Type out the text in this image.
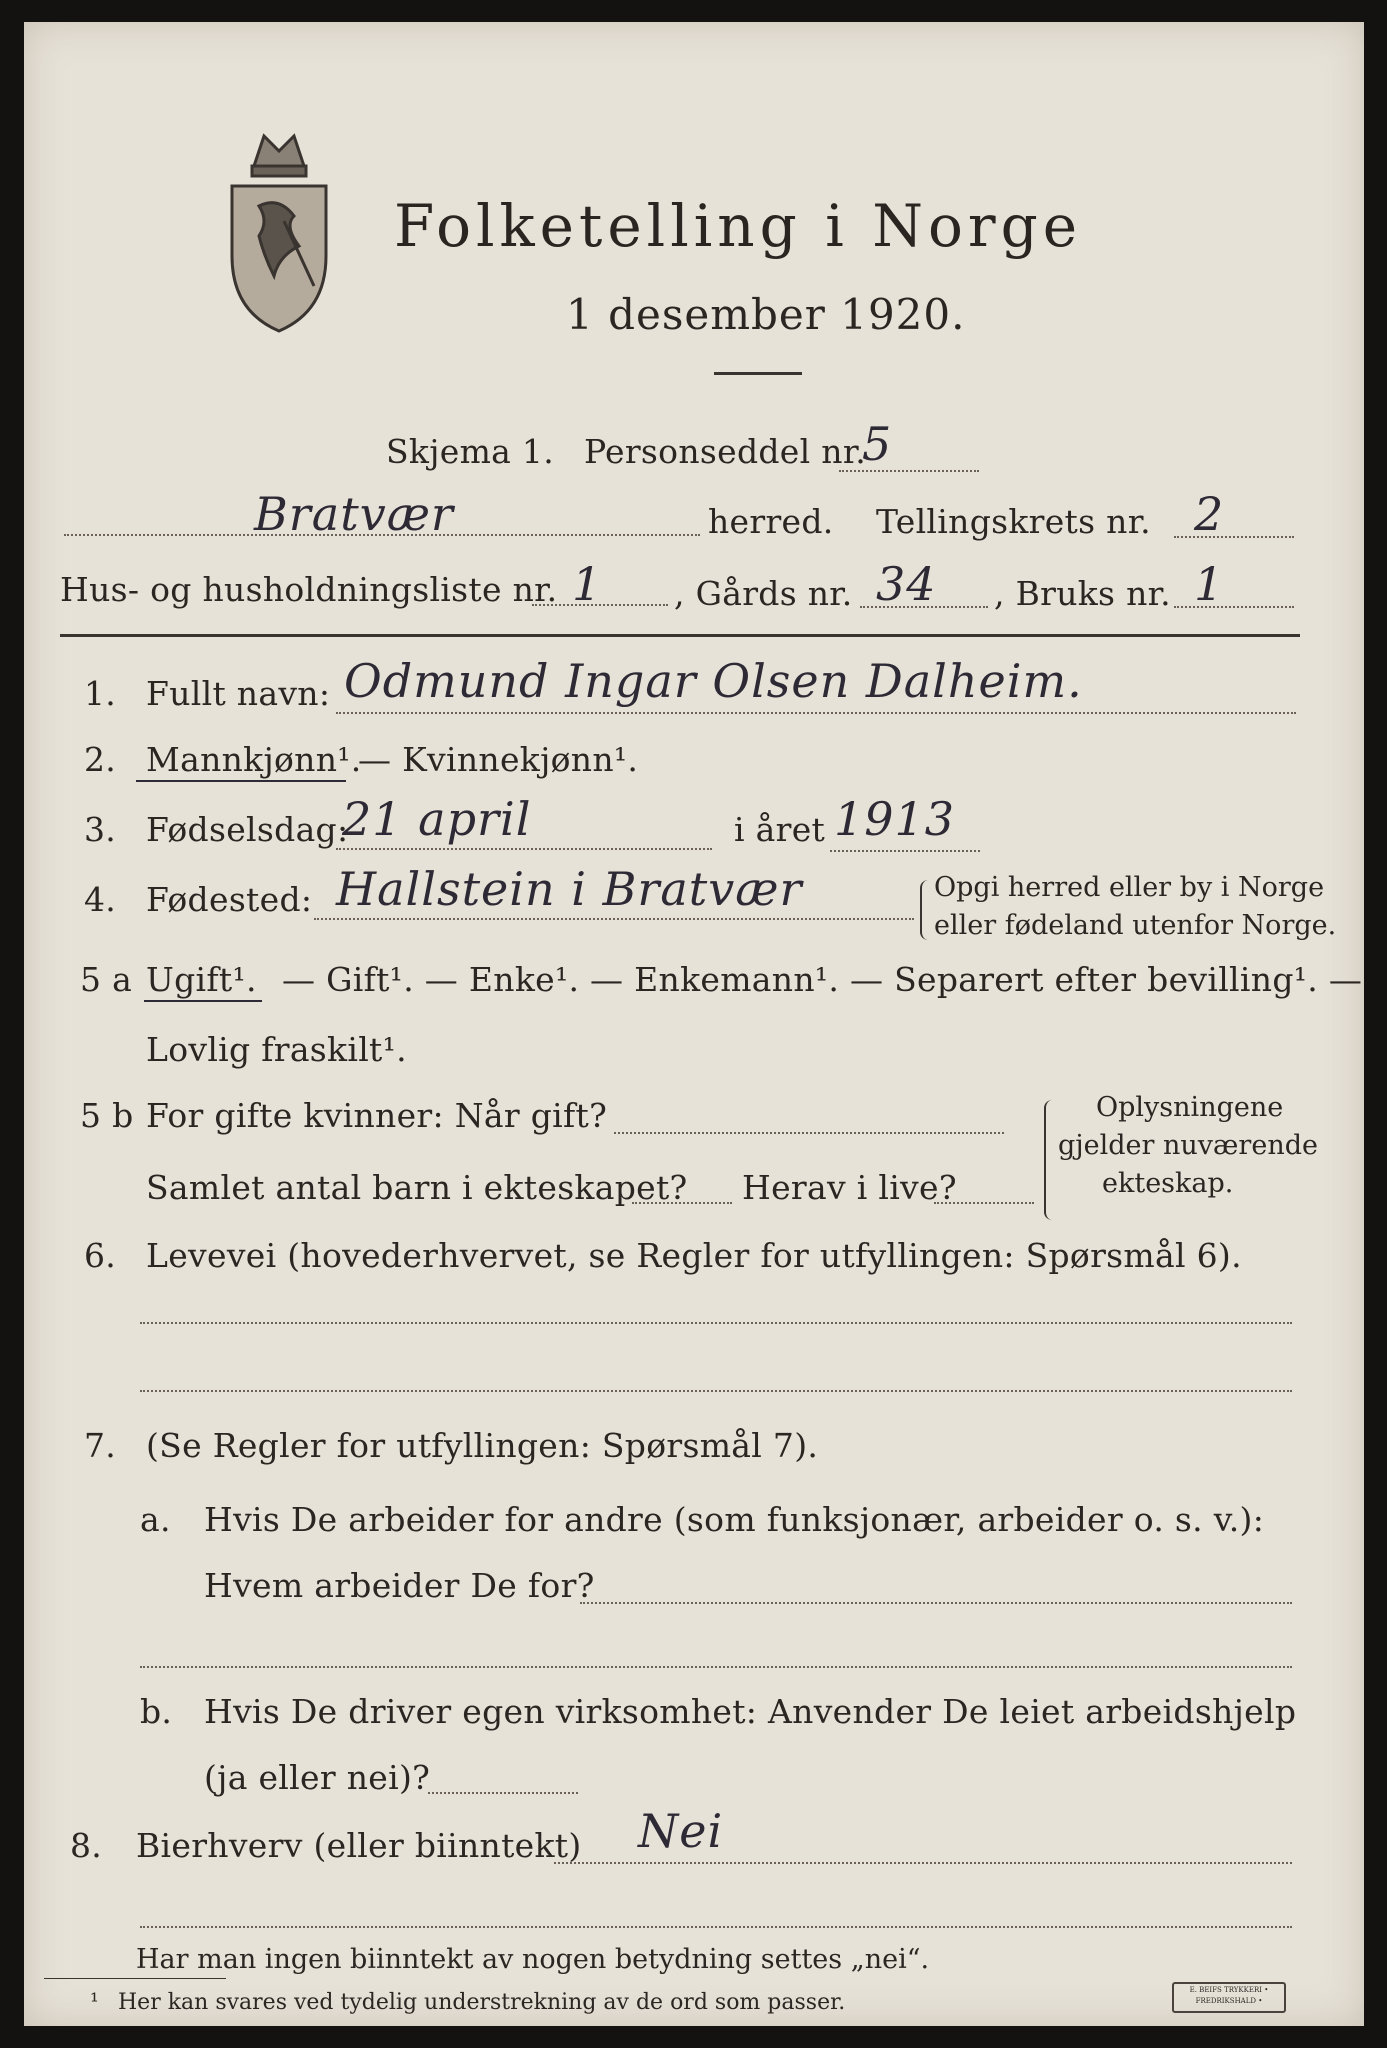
Folketelling i Norge
1 desember 1920.
Skjema 1. Personseddel nr.
5
Bratvær	herred. Tellingskrets nr. 2
Hus- og husholdningsliste nr. 1 , Gårds nr. 34 , Bruks nr. 1
1. Fullt navn: Odmund Ingar Olsen Dalheim.
2. Mannkjønn¹.
— Kvinnekjønn¹.
3. Fødselsdag:
21 april	i året 1913
4. Fødested: Hallstein i Bratvær	Opgi herred eller by i Norge
eller fødeland utenfor Norge.
5 a Ugift¹. — Gift¹. — Enke¹. — Enkemann¹. — Separert efter bevilling¹. —
Lovlig fraskilt¹.
5 b For gifte kvinner: Når gift?
Samlet antal barn i ekteskapet? Herav i live?
Oplysningene
gjelder nuværende
ekteskap.
6. Levevei (hovederhvervet, se Regler for utfyllingen: Spørsmål 6).
7. (Se Regler for utfyllingen: Spørsmål 7).
a. Hvis De arbeider for andre (som funksjonær, arbeider o. s. v.):
Hvem arbeider De for?
b. Hvis De driver egen virksomhet: Anvender De leiet arbeidshjelp
(ja eller nei)?
8. Bierhverv (eller biinntekt) Nei
Har man ingen biinntekt av nogen betydning settes „nei“.
¹ Her kan svares ved tydelig understrekning av de ord som passer.	E. BEIFS TRYKKERI • FREDRIKSHALD •
